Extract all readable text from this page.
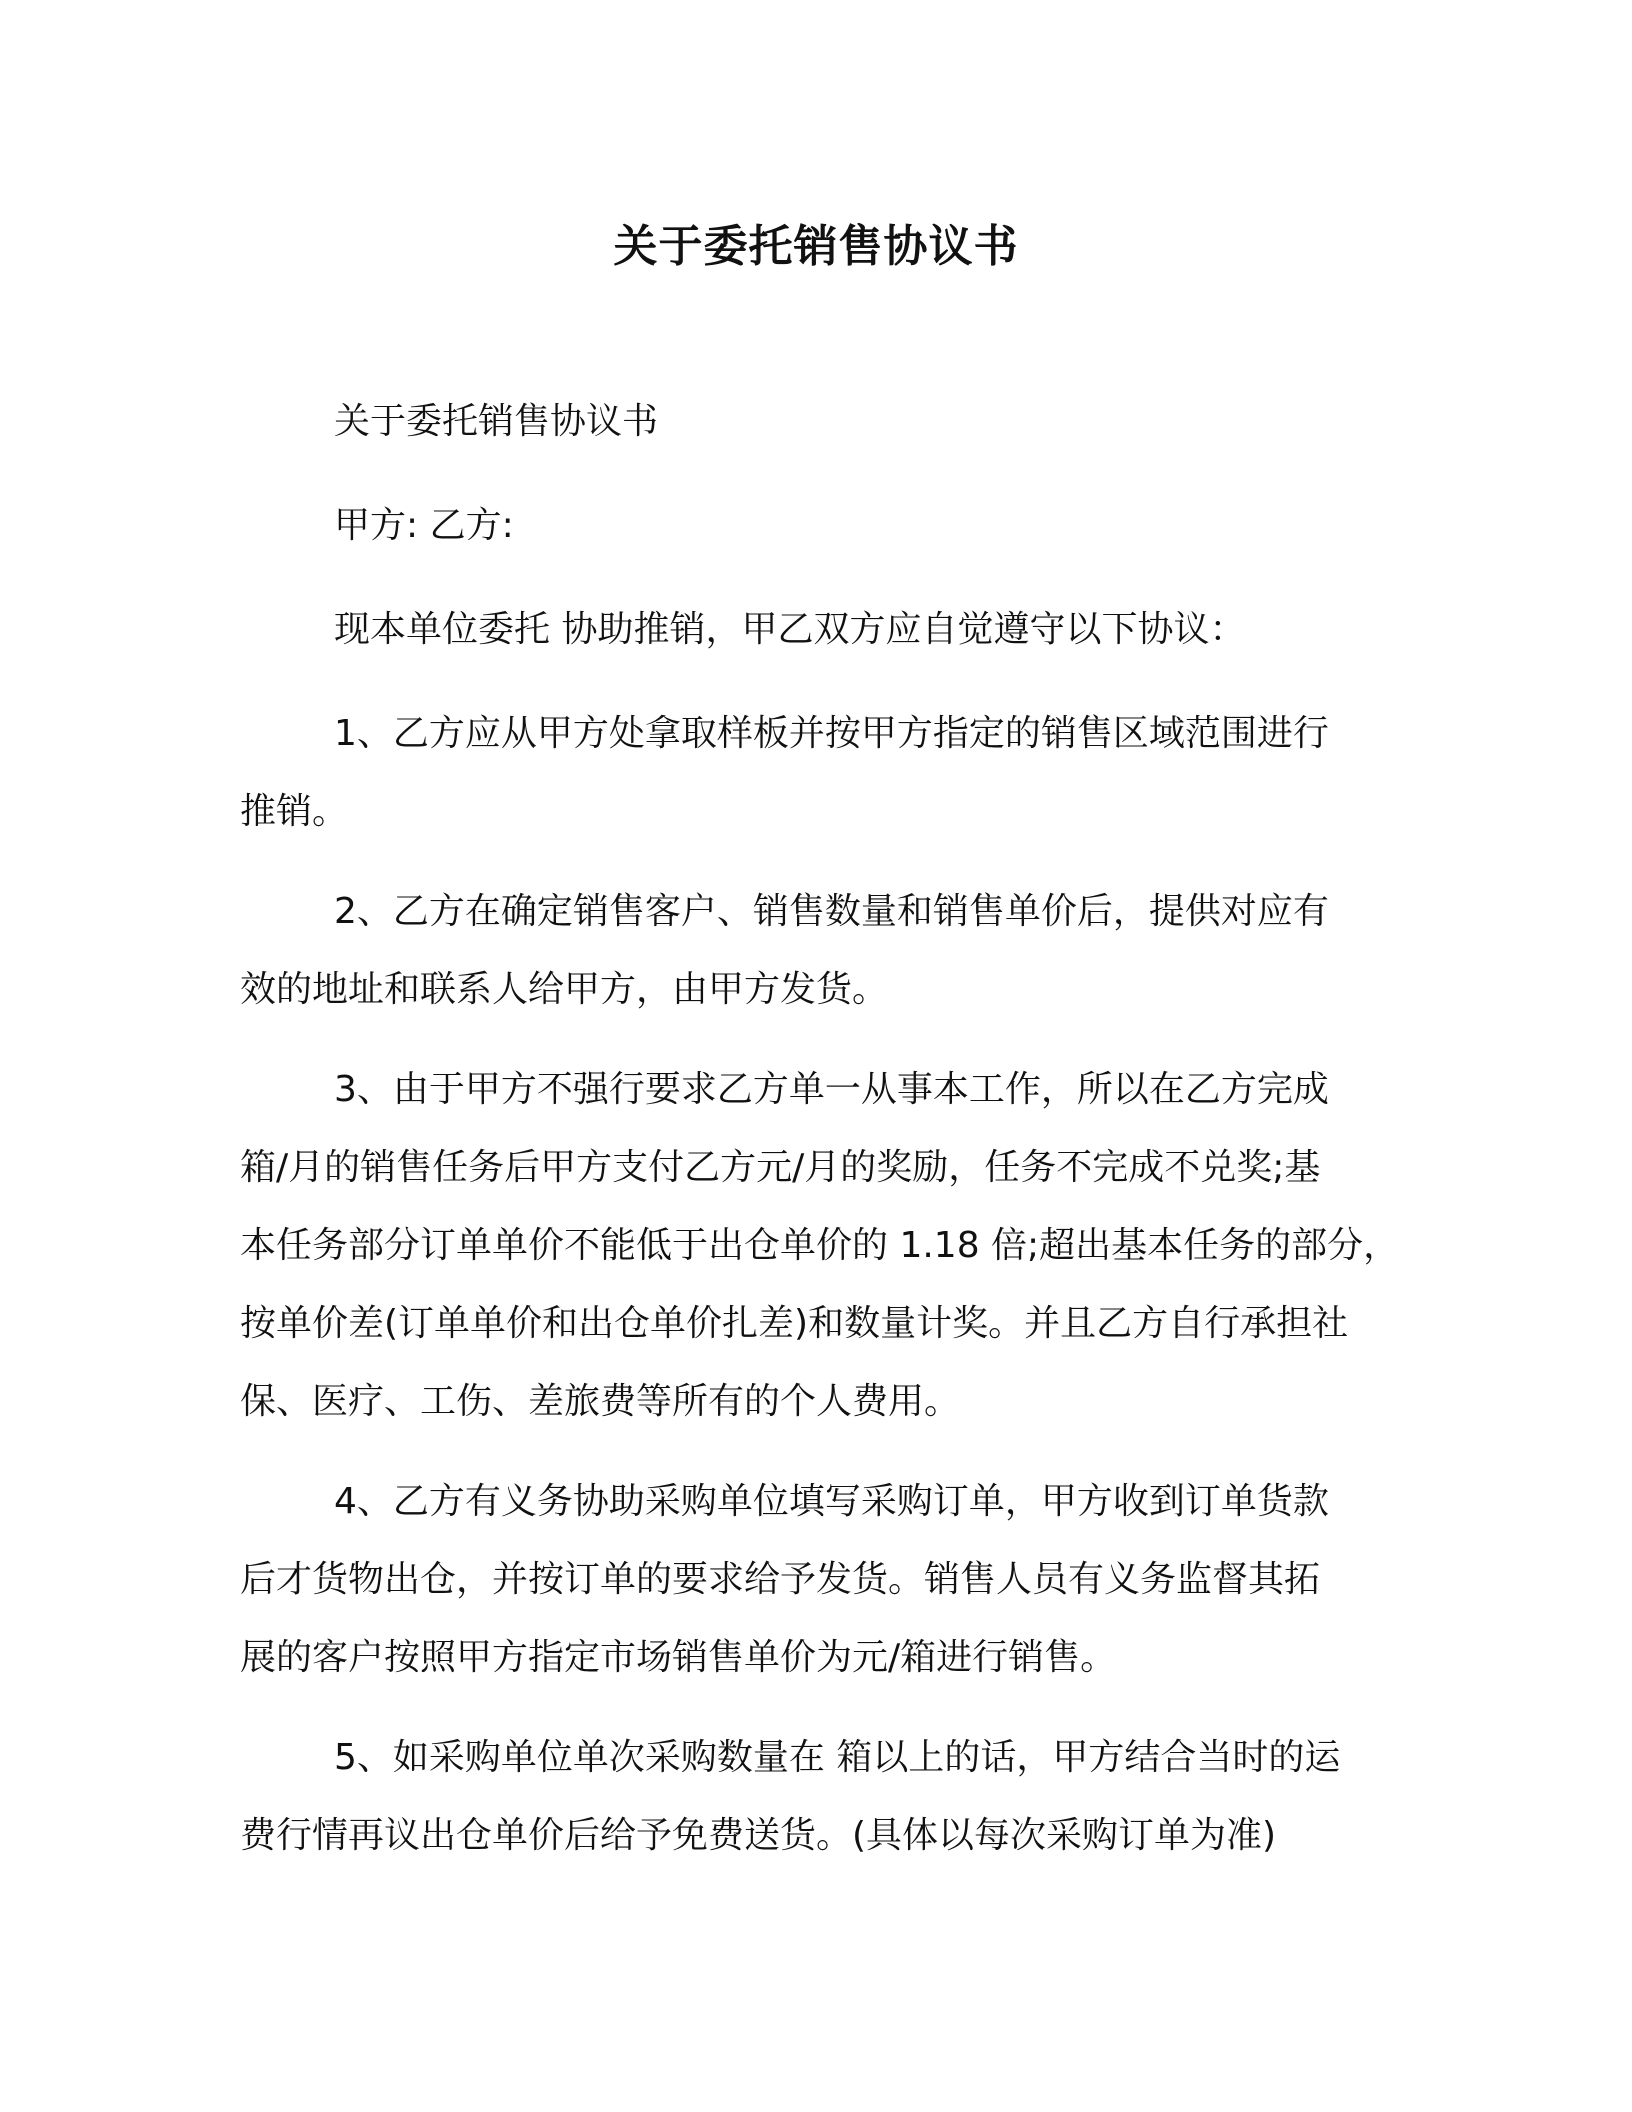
关于委托销售协议书
关于委托销售协议书
甲方: 乙方:
现本单位委托 协助推销，甲乙双方应自觉遵守以下协议：
1、乙方应从甲方处拿取样板并按甲方指定的销售区域范围进行
推销。
2、乙方在确定销售客户、销售数量和销售单价后，提供对应有
效的地址和联系人给甲方，由甲方发货。
3、由于甲方不强行要求乙方单一从事本工作，所以在乙方完成
箱/月的销售任务后甲方支付乙方元/月的奖励，任务不完成不兑奖;基
本任务部分订单单价不能低于出仓单价的 1.18 倍;超出基本任务的部分，
按单价差(订单单价和出仓单价扎差)和数量计奖。并且乙方自行承担社
保、医疗、工伤、差旅费等所有的个人费用。
4、乙方有义务协助采购单位填写采购订单，甲方收到订单货款
后才货物出仓，并按订单的要求给予发货。销售人员有义务监督其拓
展的客户按照甲方指定市场销售单价为元/箱进行销售。
5、如采购单位单次采购数量在 箱以上的话，甲方结合当时的运
费行情再议出仓单价后给予免费送货。(具体以每次采购订单为准)
